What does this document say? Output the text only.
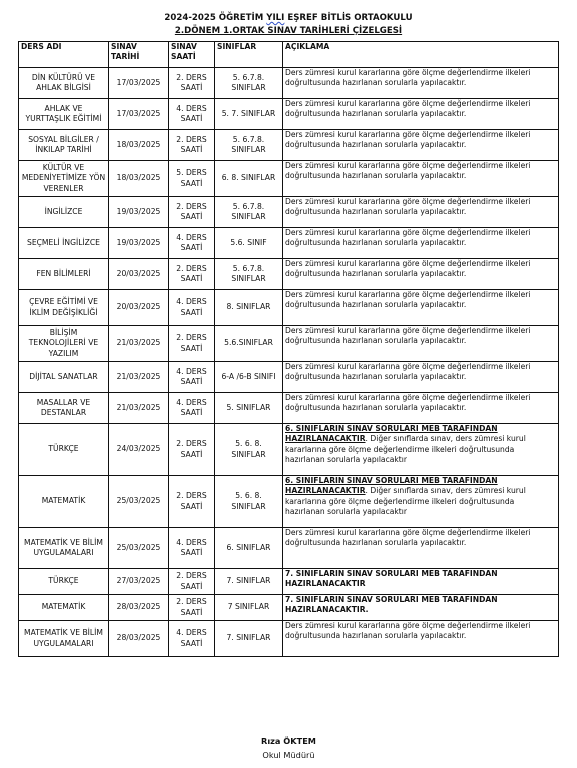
2024-2025 ÖĞRETİM YILI EŞREF BİTLİS ORTAOKULU
2.DÖNEM 1.ORTAK SINAV TARİHLERİ ÇİZELGESİ
DERS ADI	SINAV TARİHİ	SINAV SAATİ	SINIFLAR	AÇIKLAMA
DİN KÜLTÜRÜ VE AHLAK BİLGİSİ	17/03/2025	2. DERS SAATİ	5. 6.7.8. SINIFLAR	Ders zümresi kurul kararlarına göre ölçme değerlendirme ilkeleri doğrultusunda hazırlanan sorularla yapılacaktır.
AHLAK VE YURTTAŞLIK EĞİTİMİ	17/03/2025	4. DERS SAATİ	5. 7. SINIFLAR	Ders zümresi kurul kararlarına göre ölçme değerlendirme ilkeleri doğrultusunda hazırlanan sorularla yapılacaktır.
SOSYAL BİLGİLER /İNKILAP TARİHİ	18/03/2025	2. DERS SAATİ	5. 6.7.8. SINIFLAR	Ders zümresi kurul kararlarına göre ölçme değerlendirme ilkeleri doğrultusunda hazırlanan sorularla yapılacaktır.
KÜLTÜR VE MEDENİYETİMİZE YÖN VERENLER	18/03/2025	5. DERS SAATİ	6. 8. SINIFLAR	Ders zümresi kurul kararlarına göre ölçme değerlendirme ilkeleri doğrultusunda hazırlanan sorularla yapılacaktır.
İNGİLİZCE	19/03/2025	2. DERS SAATİ	5. 6.7.8. SINIFLAR	Ders zümresi kurul kararlarına göre ölçme değerlendirme ilkeleri doğrultusunda hazırlanan sorularla yapılacaktır.
SEÇMELİ İNGİLİZCE	19/03/2025	4. DERS SAATİ	5.6. SINIF	Ders zümresi kurul kararlarına göre ölçme değerlendirme ilkeleri doğrultusunda hazırlanan sorularla yapılacaktır.
FEN BİLİMLERİ	20/03/2025	2. DERS SAATİ	5. 6.7.8. SINIFLAR	Ders zümresi kurul kararlarına göre ölçme değerlendirme ilkeleri doğrultusunda hazırlanan sorularla yapılacaktır.
ÇEVRE EĞİTİMİ VE İKLİM DEĞİŞİKLİĞİ	20/03/2025	4. DERS SAATİ	8. SINIFLAR	Ders zümresi kurul kararlarına göre ölçme değerlendirme ilkeleri doğrultusunda hazırlanan sorularla yapılacaktır.
BİLİŞİM TEKNOLOJİLERİ VE YAZILIM	21/03/2025	2. DERS SAATİ	5.6.SINIFLAR	Ders zümresi kurul kararlarına göre ölçme değerlendirme ilkeleri doğrultusunda hazırlanan sorularla yapılacaktır.
DİJİTAL SANATLAR	21/03/2025	4. DERS SAATİ	6-A /6-B SINIFI	Ders zümresi kurul kararlarına göre ölçme değerlendirme ilkeleri doğrultusunda hazırlanan sorularla yapılacaktır.
MASALLAR VE DESTANLAR	21/03/2025	4. DERS SAATİ	5. SINIFLAR	Ders zümresi kurul kararlarına göre ölçme değerlendirme ilkeleri doğrultusunda hazırlanan sorularla yapılacaktır.
TÜRKÇE	24/03/2025	2. DERS SAATİ	5. 6. 8. SINIFLAR	6. SINIFLARIN SINAV SORULARI MEB TARAFINDAN HAZIRLANACAKTIR. Diğer sınıflarda sınav, ders zümresi kurul kararlarına göre ölçme değerlendirme ilkeleri doğrultusunda hazırlanan sorularla yapılacaktır
MATEMATİK	25/03/2025	2. DERS SAATİ	5. 6. 8. SINIFLAR	6. SINIFLARIN SINAV SORULARI MEB TARAFINDAN HAZIRLANACAKTIR. Diğer sınıflarda sınav, ders zümresi kurul kararlarına göre ölçme değerlendirme ilkeleri doğrultusunda hazırlanan sorularla yapılacaktır
MATEMATİK VE BİLİM UYGULAMALARI	25/03/2025	4. DERS SAATİ	6. SINIFLAR	Ders zümresi kurul kararlarına göre ölçme değerlendirme ilkeleri doğrultusunda hazırlanan sorularla yapılacaktır.
TÜRKÇE	27/03/2025	2. DERS SAATİ	7. SINIFLAR	7. SINIFLARIN SINAV SORULARI MEB TARAFINDAN HAZIRLANACAKTIR
MATEMATİK	28/03/2025	2. DERS SAATİ	7 SINIFLAR	7. SINIFLARIN SINAV SORULARI MEB TARAFINDAN HAZIRLANACAKTIR.
MATEMATİK VE BİLİM UYGULAMALARI	28/03/2025	4. DERS SAATİ	7. SINIFLAR	Ders zümresi kurul kararlarına göre ölçme değerlendirme ilkeleri doğrultusunda hazırlanan sorularla yapılacaktır.
Rıza ÖKTEM
Okul Müdürü
